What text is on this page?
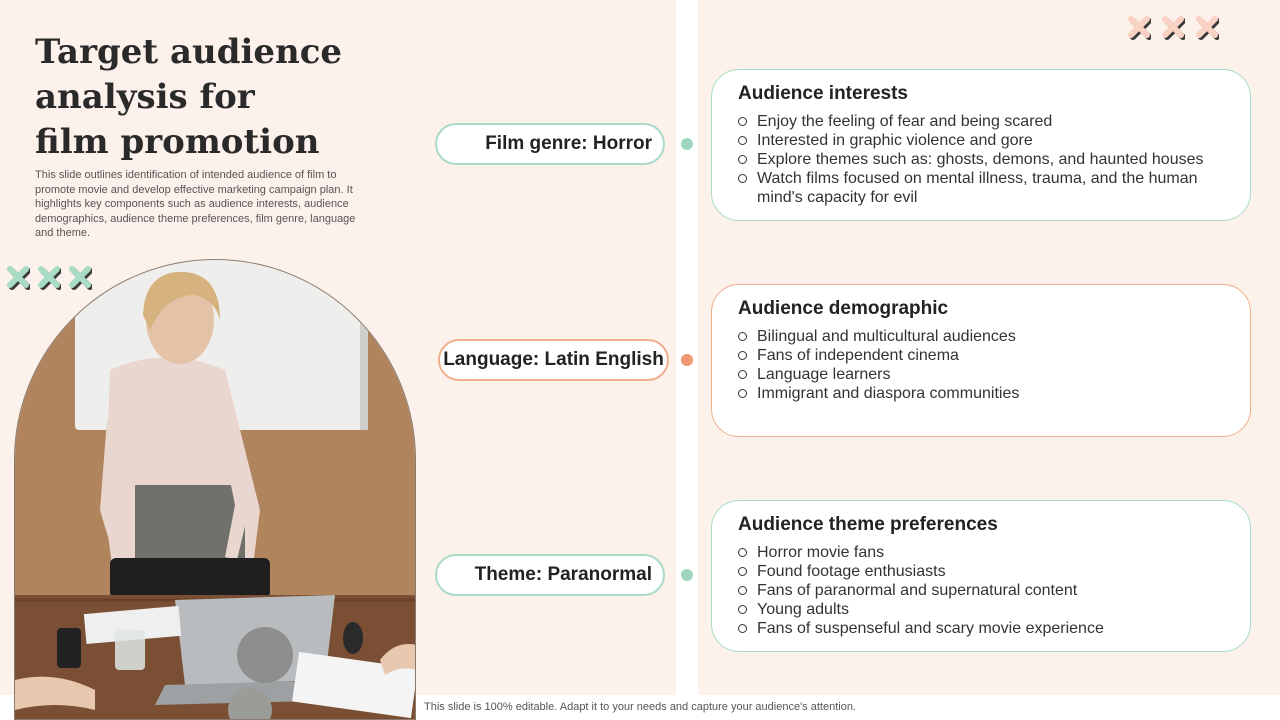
Target audience
analysis for
film promotion

This slide outlines identification of intended audience of film to promote movie and develop effective marketing campaign plan. It highlights key components such as audience interests, audience demographics, audience theme preferences, film genre, language and theme.

Film genre: Horror
Language: Latin English
Theme: Paranormal
Audience interests
Enjoy the feeling of fear and being scared
Interested in graphic violence and gore
Explore themes such as: ghosts, demons, and haunted houses
Watch films focused on mental illness, trauma, and the human mind's capacity for evil
Audience demographic
Bilingual and multicultural audiences
Fans of independent cinema
Language learners
Immigrant and diaspora communities
Audience theme preferences
Horror movie fans
Found footage enthusiasts
Fans of paranormal and supernatural content
Young adults
Fans of suspenseful and scary movie experience
This slide is 100% editable. Adapt it to your needs and capture your audience's attention.
